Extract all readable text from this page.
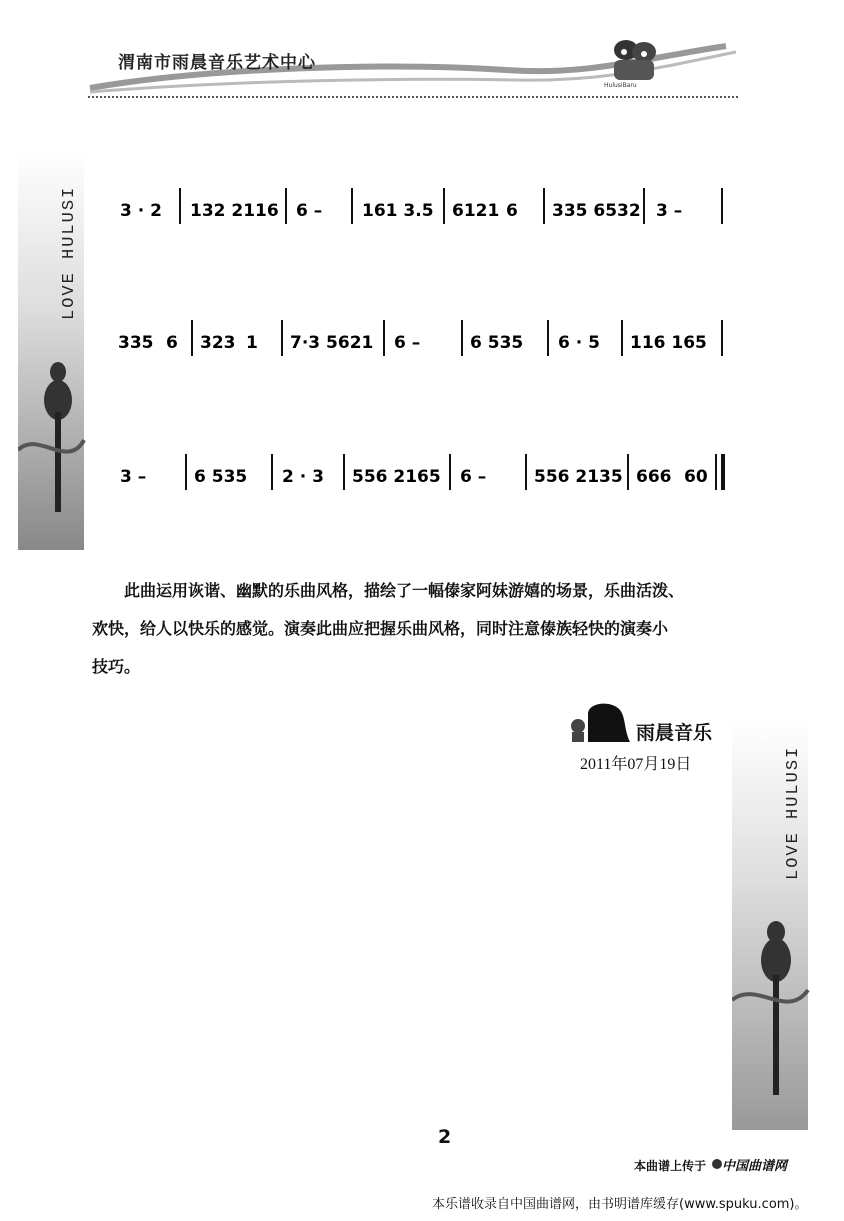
渭南市雨晨音乐艺术中心
HulusiBaru
LOVE HULUSI
LOVE HULUSI
3 · 2 132 2116 6 – 161 3.5 6121 6 335 6532 3 –
335 6 323 1 7·3 5621 6 –	6 535 6 · 5 116 165
3 –	6 535 2 · 3 556 2165 6 –	556 2135 666 60

此曲运用诙谐、幽默的乐曲风格，描绘了一幅傣家阿妹游嬉的场景，乐曲活泼、

欢快，给人以快乐的感觉。演奏此曲应把握乐曲风格，同时注意傣族轻快的演奏小
技巧。
雨晨音乐
2011年07月19日
2
本曲谱上传于 中国曲谱网
本乐谱收录自中国曲谱网，由书明谱库缓存(www.spuku.com)。
